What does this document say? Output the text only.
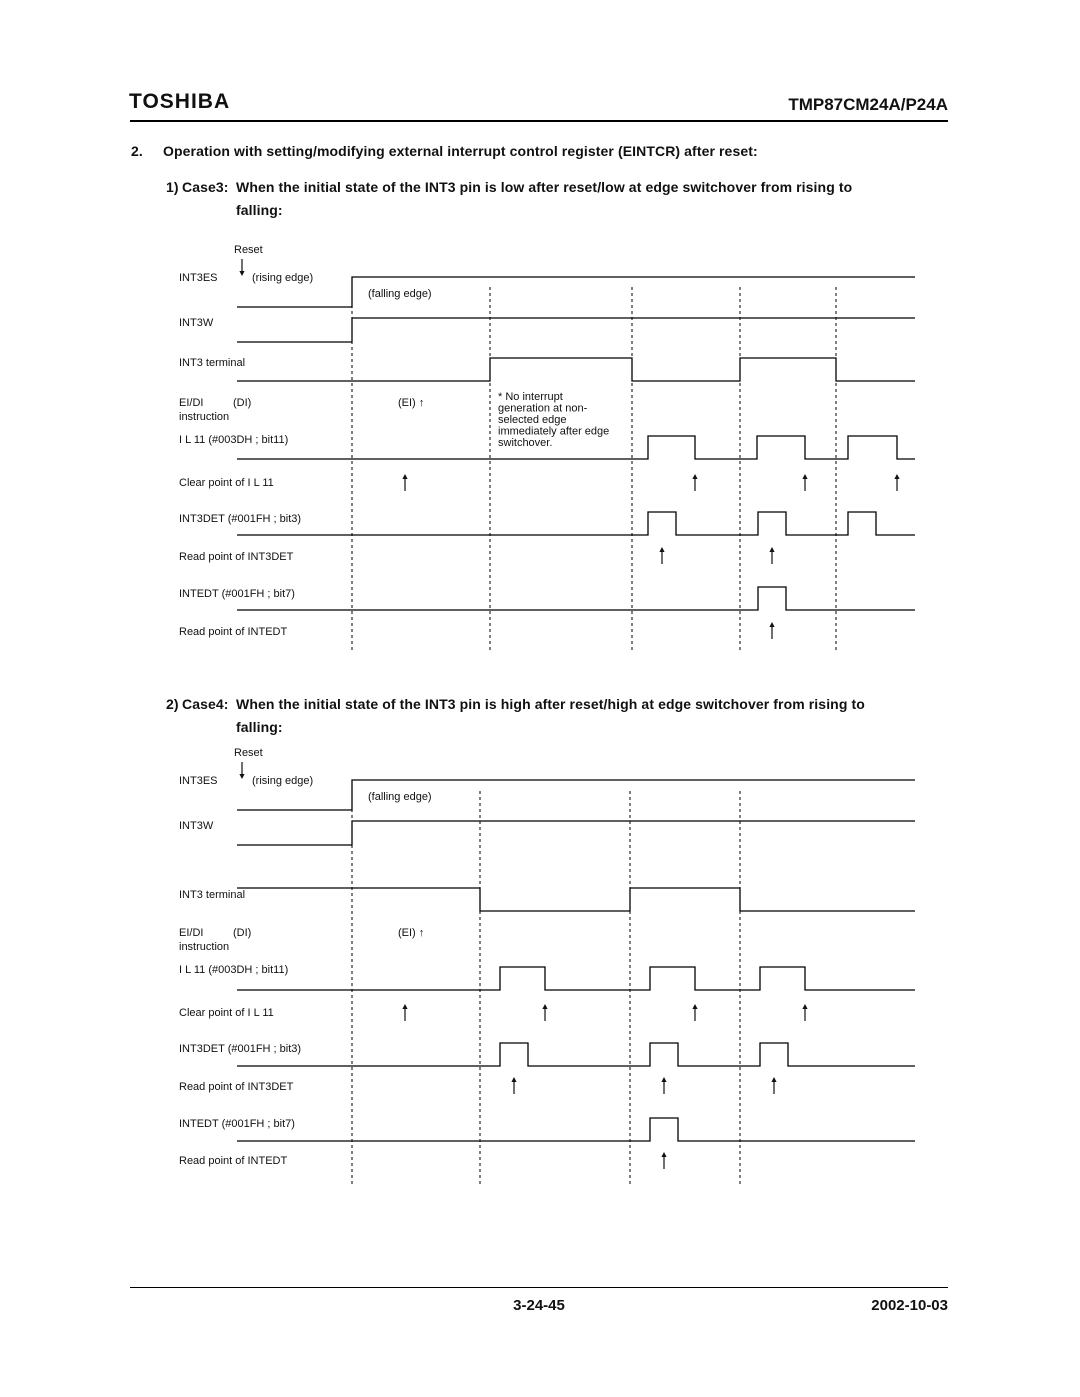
TOSHIBA	TMP87CM24A/P24A
2. Operation with setting/modifying external interrupt control register (EINTCR) after reset:
1) Case3: When the initial state of the INT3 pin is low after reset/low at edge switchover from rising to
falling:
2) Case4: When the initial state of the INT3 pin is high after reset/high at edge switchover from rising to
falling:
Reset
INT3ES	(rising edge)
(falling edge)
INT3W
INT3 terminal
EI/DI	(DI)
instruction
(EI) ↑
I L 11 (#003DH ; bit11)
Clear point of I L 11
INT3DET (#001FH ; bit3)
Read point of INT3DET
INTEDT (#001FH ; bit7)
Read point of INTEDT
* No interrupt
generation at non-
selected edge
immediately after edge
switchover.
Reset
INT3ES	(rising edge)
(falling edge)
INT3W
INT3 terminal
EI/DI	(DI)
instruction
(EI) ↑
I L 11 (#003DH ; bit11)
Clear point of I L 11
INT3DET (#001FH ; bit3)
Read point of INT3DET
INTEDT (#001FH ; bit7)
Read point of INTEDT
3-24-45	2002-10-03
